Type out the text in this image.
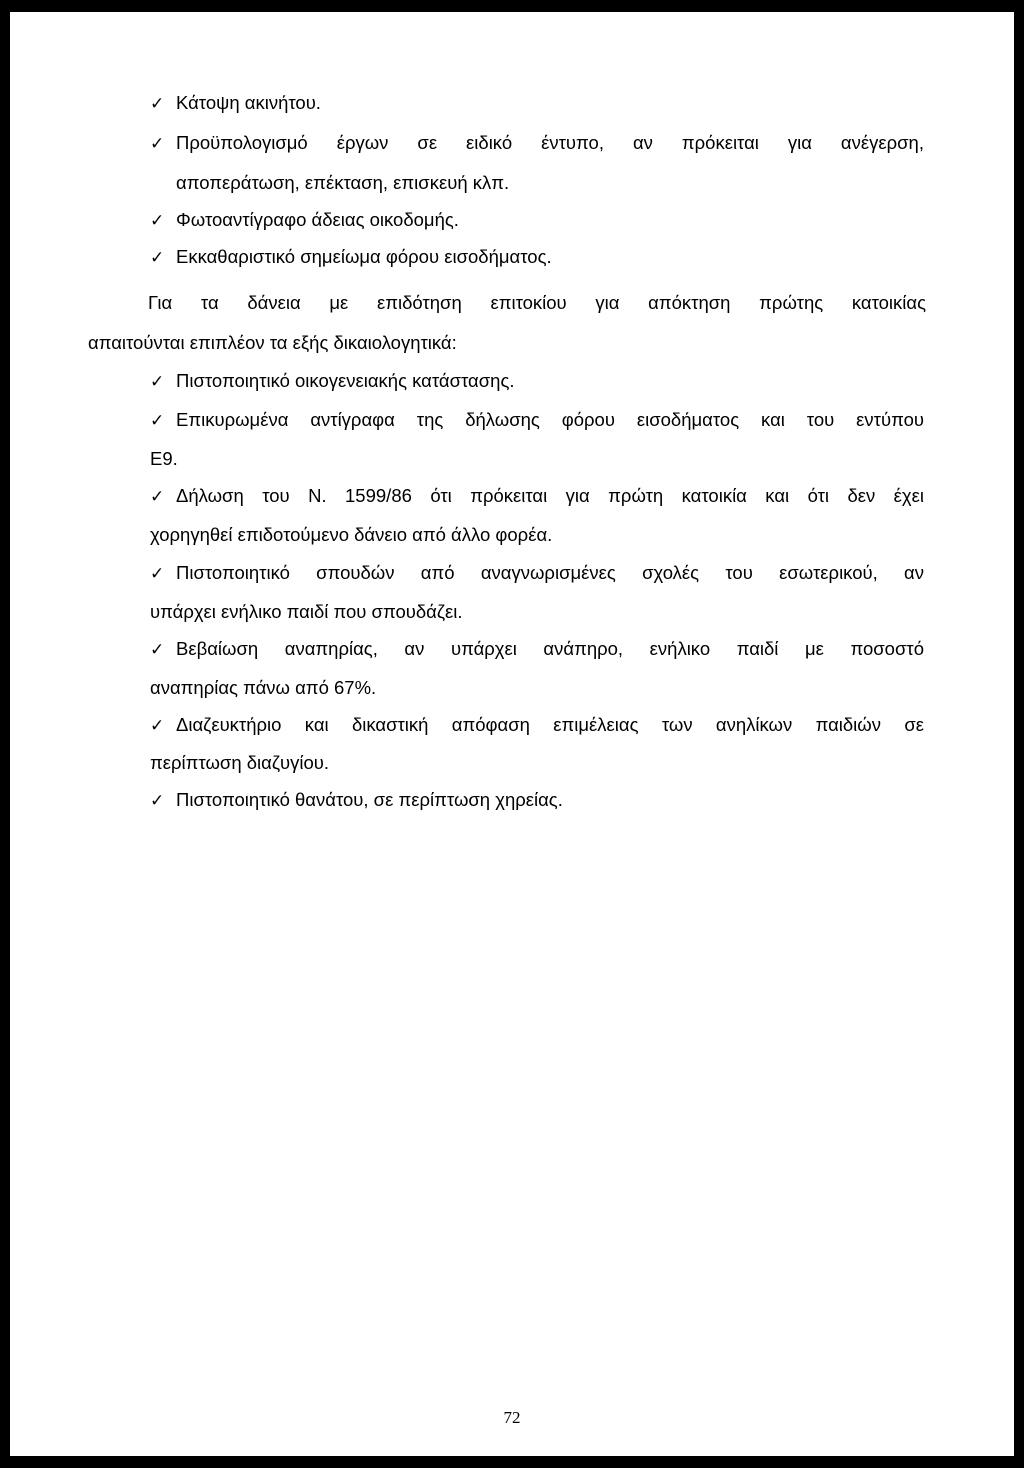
✓ Κάτοψη ακινήτου.
✓ Προϋπολογισμό έργων σε ειδικό έντυπο, αν πρόκειται για ανέγερση,
αποπεράτωση, επέκταση, επισκευή κλπ.
✓ Φωτοαντίγραφο άδειας οικοδομής.
✓ Εκκαθαριστικό σημείωμα φόρου εισοδήματος.
Για τα δάνεια με επιδότηση επιτοκίου για απόκτηση πρώτης κατοικίας
απαιτούνται επιπλέον τα εξής δικαιολογητικά:
✓ Πιστοποιητικό οικογενειακής κατάστασης.
✓ Επικυρωμένα αντίγραφα της δήλωσης φόρου εισοδήματος και του εντύπου
Ε9.
✓ Δήλωση του Ν. 1599/86 ότι πρόκειται για πρώτη κατοικία και ότι δεν έχει
χορηγηθεί επιδοτούμενο δάνειο από άλλο φορέα.
✓ Πιστοποιητικό σπουδών από αναγνωρισμένες σχολές του εσωτερικού, αν
υπάρχει ενήλικο παιδί που σπουδάζει.
✓ Βεβαίωση αναπηρίας, αν υπάρχει ανάπηρο, ενήλικο παιδί με ποσοστό
αναπηρίας πάνω από 67%.
✓ Διαζευκτήριο και δικαστική απόφαση επιμέλειας των ανηλίκων παιδιών σε
περίπτωση διαζυγίου.
✓ Πιστοποιητικό θανάτου, σε περίπτωση χηρείας.
72
